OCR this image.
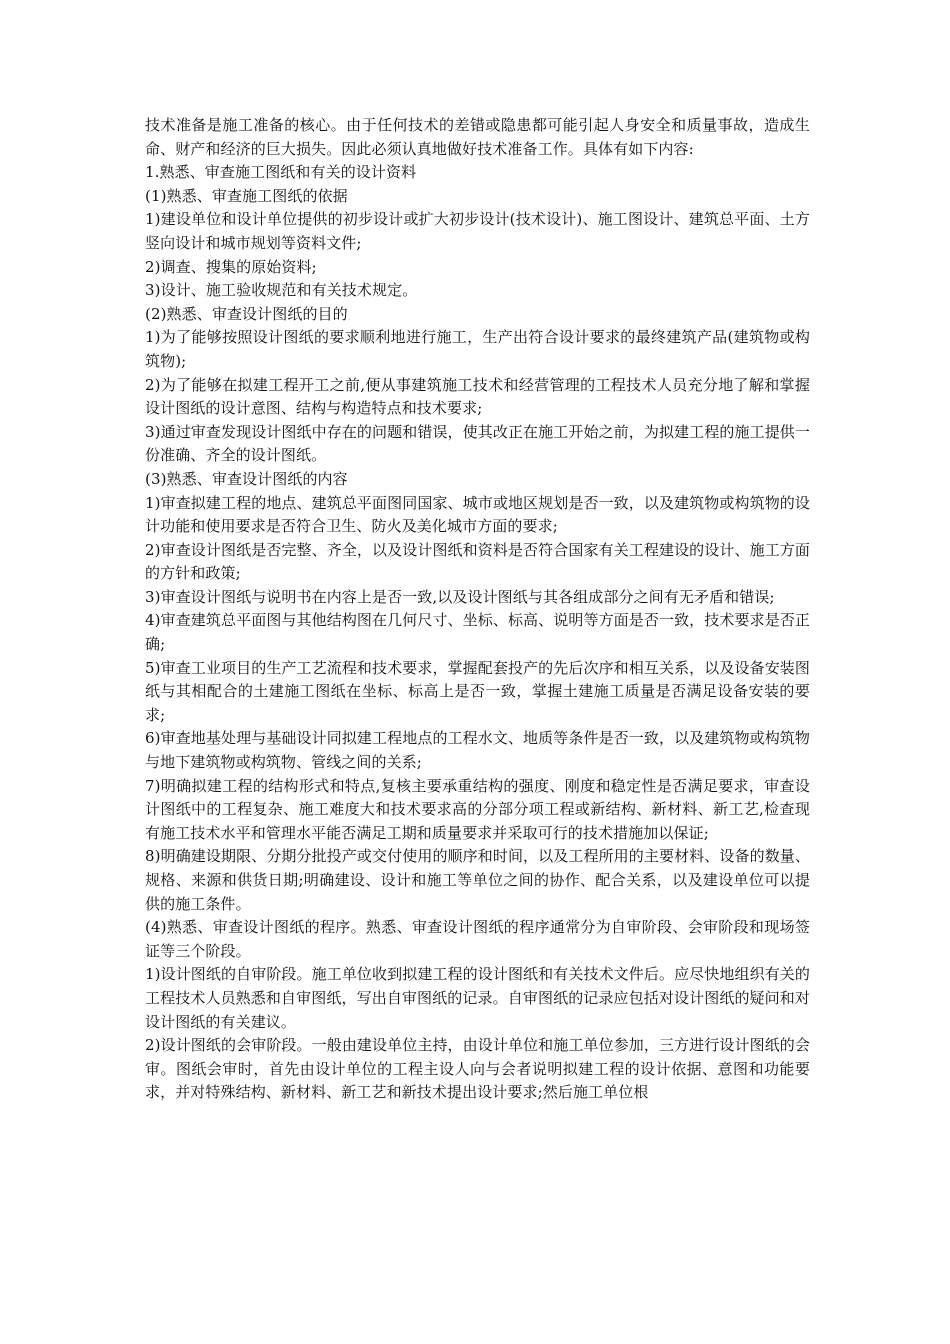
技术准备是施工准备的核心。由于任何技术的差错或隐患都可能引起人身安全和质量事故，造成生命、财产和经济的巨大损失。因此必须认真地做好技术准备工作。具体有如下内容:

1.熟悉、审查施工图纸和有关的设计资料

(1)熟悉、审查施工图纸的依据

1)建设单位和设计单位提供的初步设计或扩大初步设计(技术设计)、施工图设计、建筑总平面、土方竖向设计和城市规划等资料文件;

2)调查、搜集的原始资料;

3)设计、施工验收规范和有关技术规定。

(2)熟悉、审查设计图纸的目的

1)为了能够按照设计图纸的要求顺利地进行施工，生产出符合设计要求的最终建筑产品(建筑物或构筑物);

2)为了能够在拟建工程开工之前,便从事建筑施工技术和经营管理的工程技术人员充分地了解和掌握设计图纸的设计意图、结构与构造特点和技术要求;

3)通过审查发现设计图纸中存在的问题和错误，使其改正在施工开始之前，为拟建工程的施工提供一份准确、齐全的设计图纸。

(3)熟悉、审查设计图纸的内容

1)审查拟建工程的地点、建筑总平面图同国家、城市或地区规划是否一致，以及建筑物或构筑物的设计功能和使用要求是否符合卫生、防火及美化城市方面的要求;

2)审查设计图纸是否完整、齐全，以及设计图纸和资料是否符合国家有关工程建设的设计、施工方面的方针和政策;

3)审查设计图纸与说明书在内容上是否一致,以及设计图纸与其各组成部分之间有无矛盾和错误;

4)审查建筑总平面图与其他结构图在几何尺寸、坐标、标高、说明等方面是否一致，技术要求是否正确;

5)审查工业项目的生产工艺流程和技术要求，掌握配套投产的先后次序和相互关系，以及设备安装图纸与其相配合的土建施工图纸在坐标、标高上是否一致，掌握土建施工质量是否满足设备安装的要求;

6)审查地基处理与基础设计同拟建工程地点的工程水文、地质等条件是否一致，以及建筑物或构筑物与地下建筑物或构筑物、管线之间的关系;

7)明确拟建工程的结构形式和特点,复核主要承重结构的强度、刚度和稳定性是否满足要求，审查设计图纸中的工程复杂、施工难度大和技术要求高的分部分项工程或新结构、新材料、新工艺,检查现有施工技术水平和管理水平能否满足工期和质量要求并采取可行的技术措施加以保证;

8)明确建设期限、分期分批投产或交付使用的顺序和时间，以及工程所用的主要材料、设备的数量、规格、来源和供货日期;明确建设、设计和施工等单位之间的协作、配合关系，以及建设单位可以提供的施工条件。

(4)熟悉、审查设计图纸的程序。熟悉、审查设计图纸的程序通常分为自审阶段、会审阶段和现场签证等三个阶段。

1)设计图纸的自审阶段。施工单位收到拟建工程的设计图纸和有关技术文件后。应尽快地组织有关的工程技术人员熟悉和自审图纸，写出自审图纸的记录。自审图纸的记录应包括对设计图纸的疑问和对设计图纸的有关建议。

2)设计图纸的会审阶段。一般由建设单位主持，由设计单位和施工单位参加，三方进行设计图纸的会审。图纸会审时，首先由设计单位的工程主设人向与会者说明拟建工程的设计依据、意图和功能要求，并对特殊结构、新材料、新工艺和新技术提出设计要求;然后施工单位根
